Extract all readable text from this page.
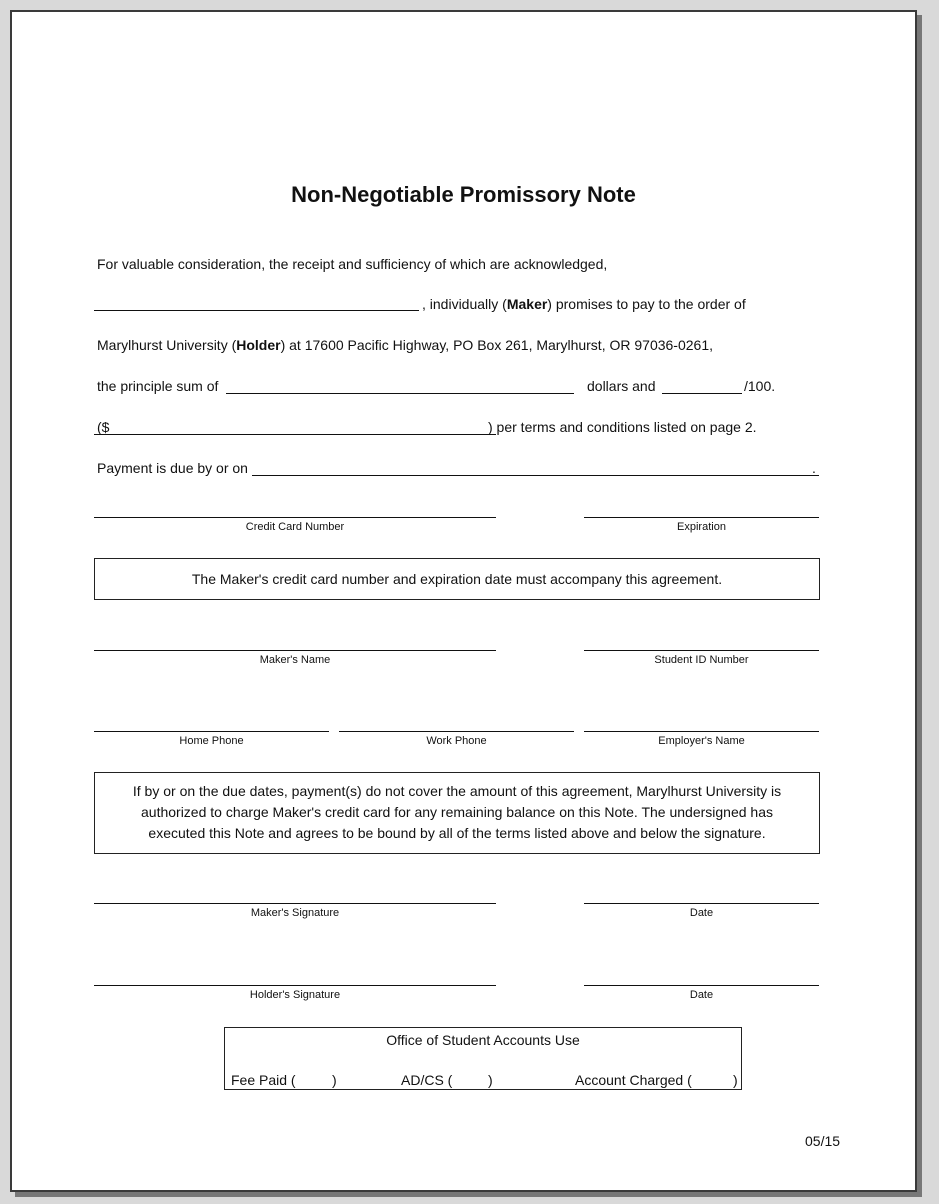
Non-Negotiable Promissory Note
For valuable consideration, the receipt and sufficiency of which are acknowledged,
, individually (Maker) promises to pay to the order of
Marylhurst University (Holder) at 17600 Pacific Highway, PO Box 261, Marylhurst, OR 97036-0261,
the principle sum of	dollars and	/100.
($	) per terms and conditions listed on page 2.
Payment is due by or on	.
Credit Card Number	Expiration
The Maker's credit card number and expiration date must accompany this agreement.
Maker's Name	Student ID Number
Home Phone	Work Phone	Employer's Name
If by or on the due dates, payment(s) do not cover the amount of this agreement, Marylhurst University is
authorized to charge Maker's credit card for any remaining balance on this Note. The undersigned has
executed this Note and agrees to be bound by all of the terms listed above and below the signature.
Maker's Signature	Date
Holder's Signature	Date
Office of Student Accounts Use
Fee Paid (	)	AD/CS (	)	Account Charged (	)
05/15
